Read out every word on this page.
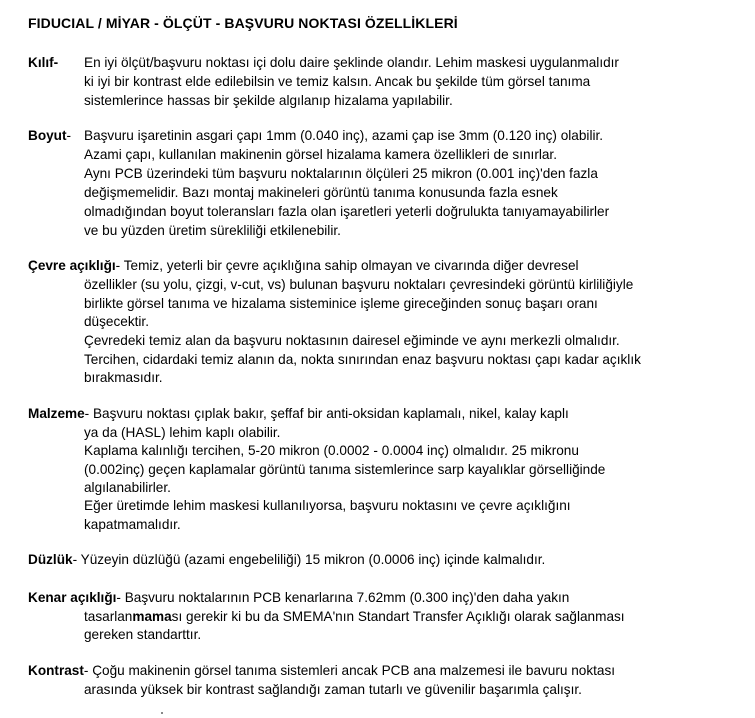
FIDUCIAL / MİYAR - ÖLÇÜT - BAŞVURU NOKTASI ÖZELLİKLERİ
Kılıf- En iyi ölçüt/başvuru noktası içi dolu daire şeklinde olandır. Lehim maskesi uygulanmalıdır
ki iyi bir kontrast elde edilebilsin ve temiz kalsın. Ancak bu şekilde tüm görsel tanıma
sistemlerince hassas bir şekilde algılanıp hizalama yapılabilir.
Boyut- Başvuru işaretinin asgari çapı 1mm (0.040 inç), azami çap ise 3mm (0.120 inç) olabilir.
Azami çapı, kullanılan makinenin görsel hizalama kamera özellikleri de sınırlar.
Aynı PCB üzerindeki tüm başvuru noktalarının ölçüleri 25 mikron (0.001 inç)'den fazla
değişmemelidir. Bazı montaj makineleri görüntü tanıma konusunda fazla esnek
olmadığından boyut toleransları fazla olan işaretleri yeterli doğrulukta tanıyamayabilirler
ve bu yüzden üretim sürekliliği etkilenebilir.
Çevre açıklığı- Temiz, yeterli bir çevre açıklığına sahip olmayan ve civarında diğer devresel
özellikler (su yolu, çizgi, v-cut, vs) bulunan başvuru noktaları çevresindeki görüntü kirliliğiyle
birlikte görsel tanıma ve hizalama sisteminice işleme gireceğinden sonuç başarı oranı
düşecektir.
Çevredeki temiz alan da başvuru noktasının dairesel eğiminde ve aynı merkezli olmalıdır.
Tercihen, cidardaki temiz alanın da, nokta sınırından enaz başvuru noktası çapı kadar açıklık
bırakmasıdır.
Malzeme- Başvuru noktası çıplak bakır, şeffaf bir anti-oksidan kaplamalı, nikel, kalay kaplı
ya da (HASL) lehim kaplı olabilir.
Kaplama kalınlığı tercihen, 5-20 mikron (0.0002 - 0.0004 inç) olmalıdır. 25 mikronu
(0.002inç) geçen kaplamalar görüntü tanıma sistemlerince sarp kayalıklar görselliğinde
algılanabilirler.
Eğer üretimde lehim maskesi kullanılıyorsa, başvuru noktasını ve çevre açıklığını
kapatmamalıdır.
Düzlük- Yüzeyin düzlüğü (azami engebeliliği) 15 mikron (0.0006 inç) içinde kalmalıdır.
Kenar açıklığı- Başvuru noktalarının PCB kenarlarına 7.62mm (0.300 inç)'den daha yakın
tasarlanmaması gerekir ki bu da SMEMA'nın Standart Transfer Açıklığı olarak sağlanması
gereken standarttır.
Kontrast- Çoğu makinenin görsel tanıma sistemleri ancak PCB ana malzemesi ile bavuru noktası
arasında yüksek bir kontrast sağlandığı zaman tutarlı ve güvenilir başarımla çalışır.
